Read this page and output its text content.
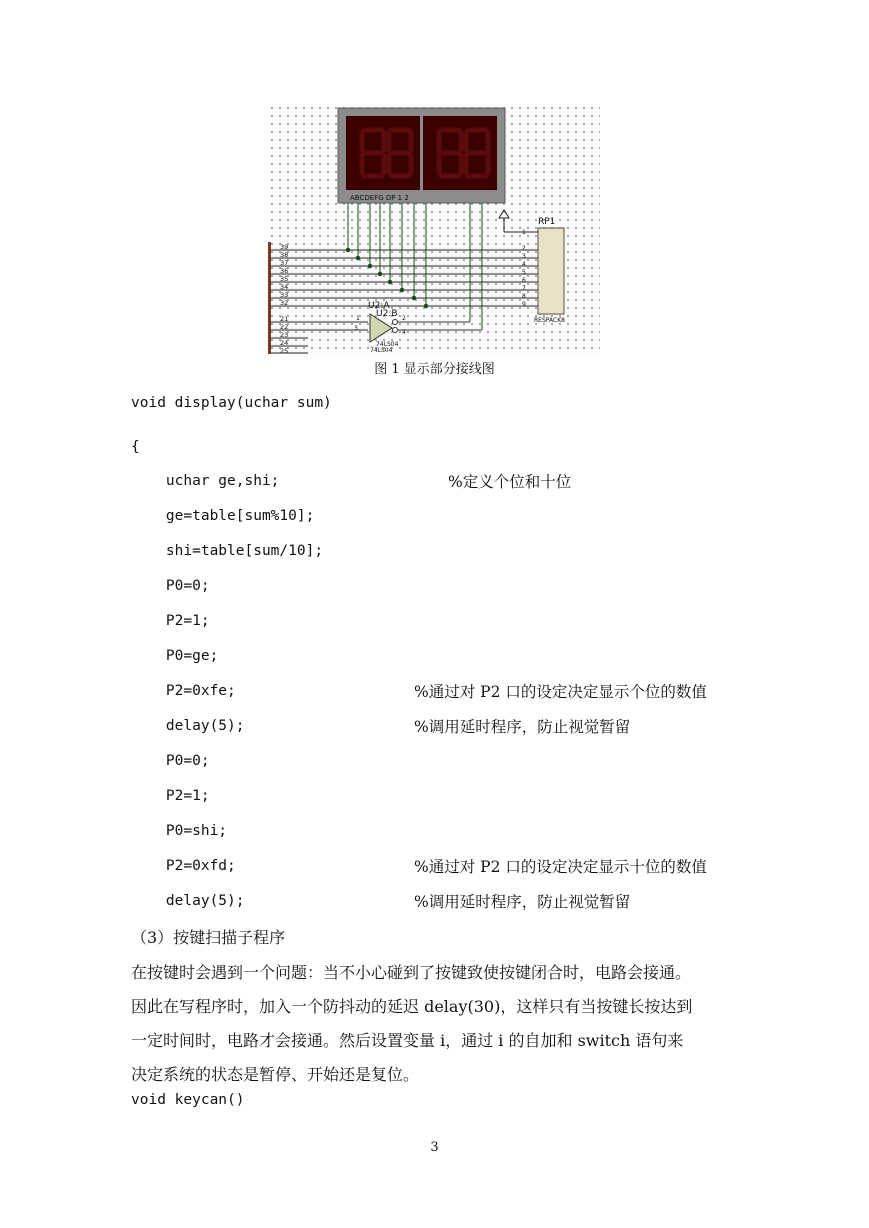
ABCDEFG DP 1 2
39
38
37
36
35
34
33
32
21
22
23
24
25
RP1
RESPACK8
1
2
3
4
5
6
7
8
9
U2:A
U2:B
74LS04
74LS04
1
3
2
4
图 1 显示部分接线图
void display(uchar sum)
{
uchar ge,shi;	%定义个位和十位
ge=table[sum%10];
shi=table[sum/10];
P0=0;
P2=1;
P0=ge;
P2=0xfe;	%通过对 P2 口的设定决定显示个位的数值
delay(5);	%调用延时程序，防止视觉暂留
P0=0;
P2=1;
P0=shi;
P2=0xfd;	%通过对 P2 口的设定决定显示十位的数值
delay(5);	%调用延时程序，防止视觉暂留
（3）按键扫描子程序
在按键时会遇到一个问题：当不小心碰到了按键致使按键闭合时，电路会接通。
因此在写程序时，加入一个防抖动的延迟 delay(30)，这样只有当按键长按达到
一定时间时，电路才会接通。然后设置变量 i，通过 i 的自加和 switch 语句来
决定系统的状态是暂停、开始还是复位。
void keycan()
3
